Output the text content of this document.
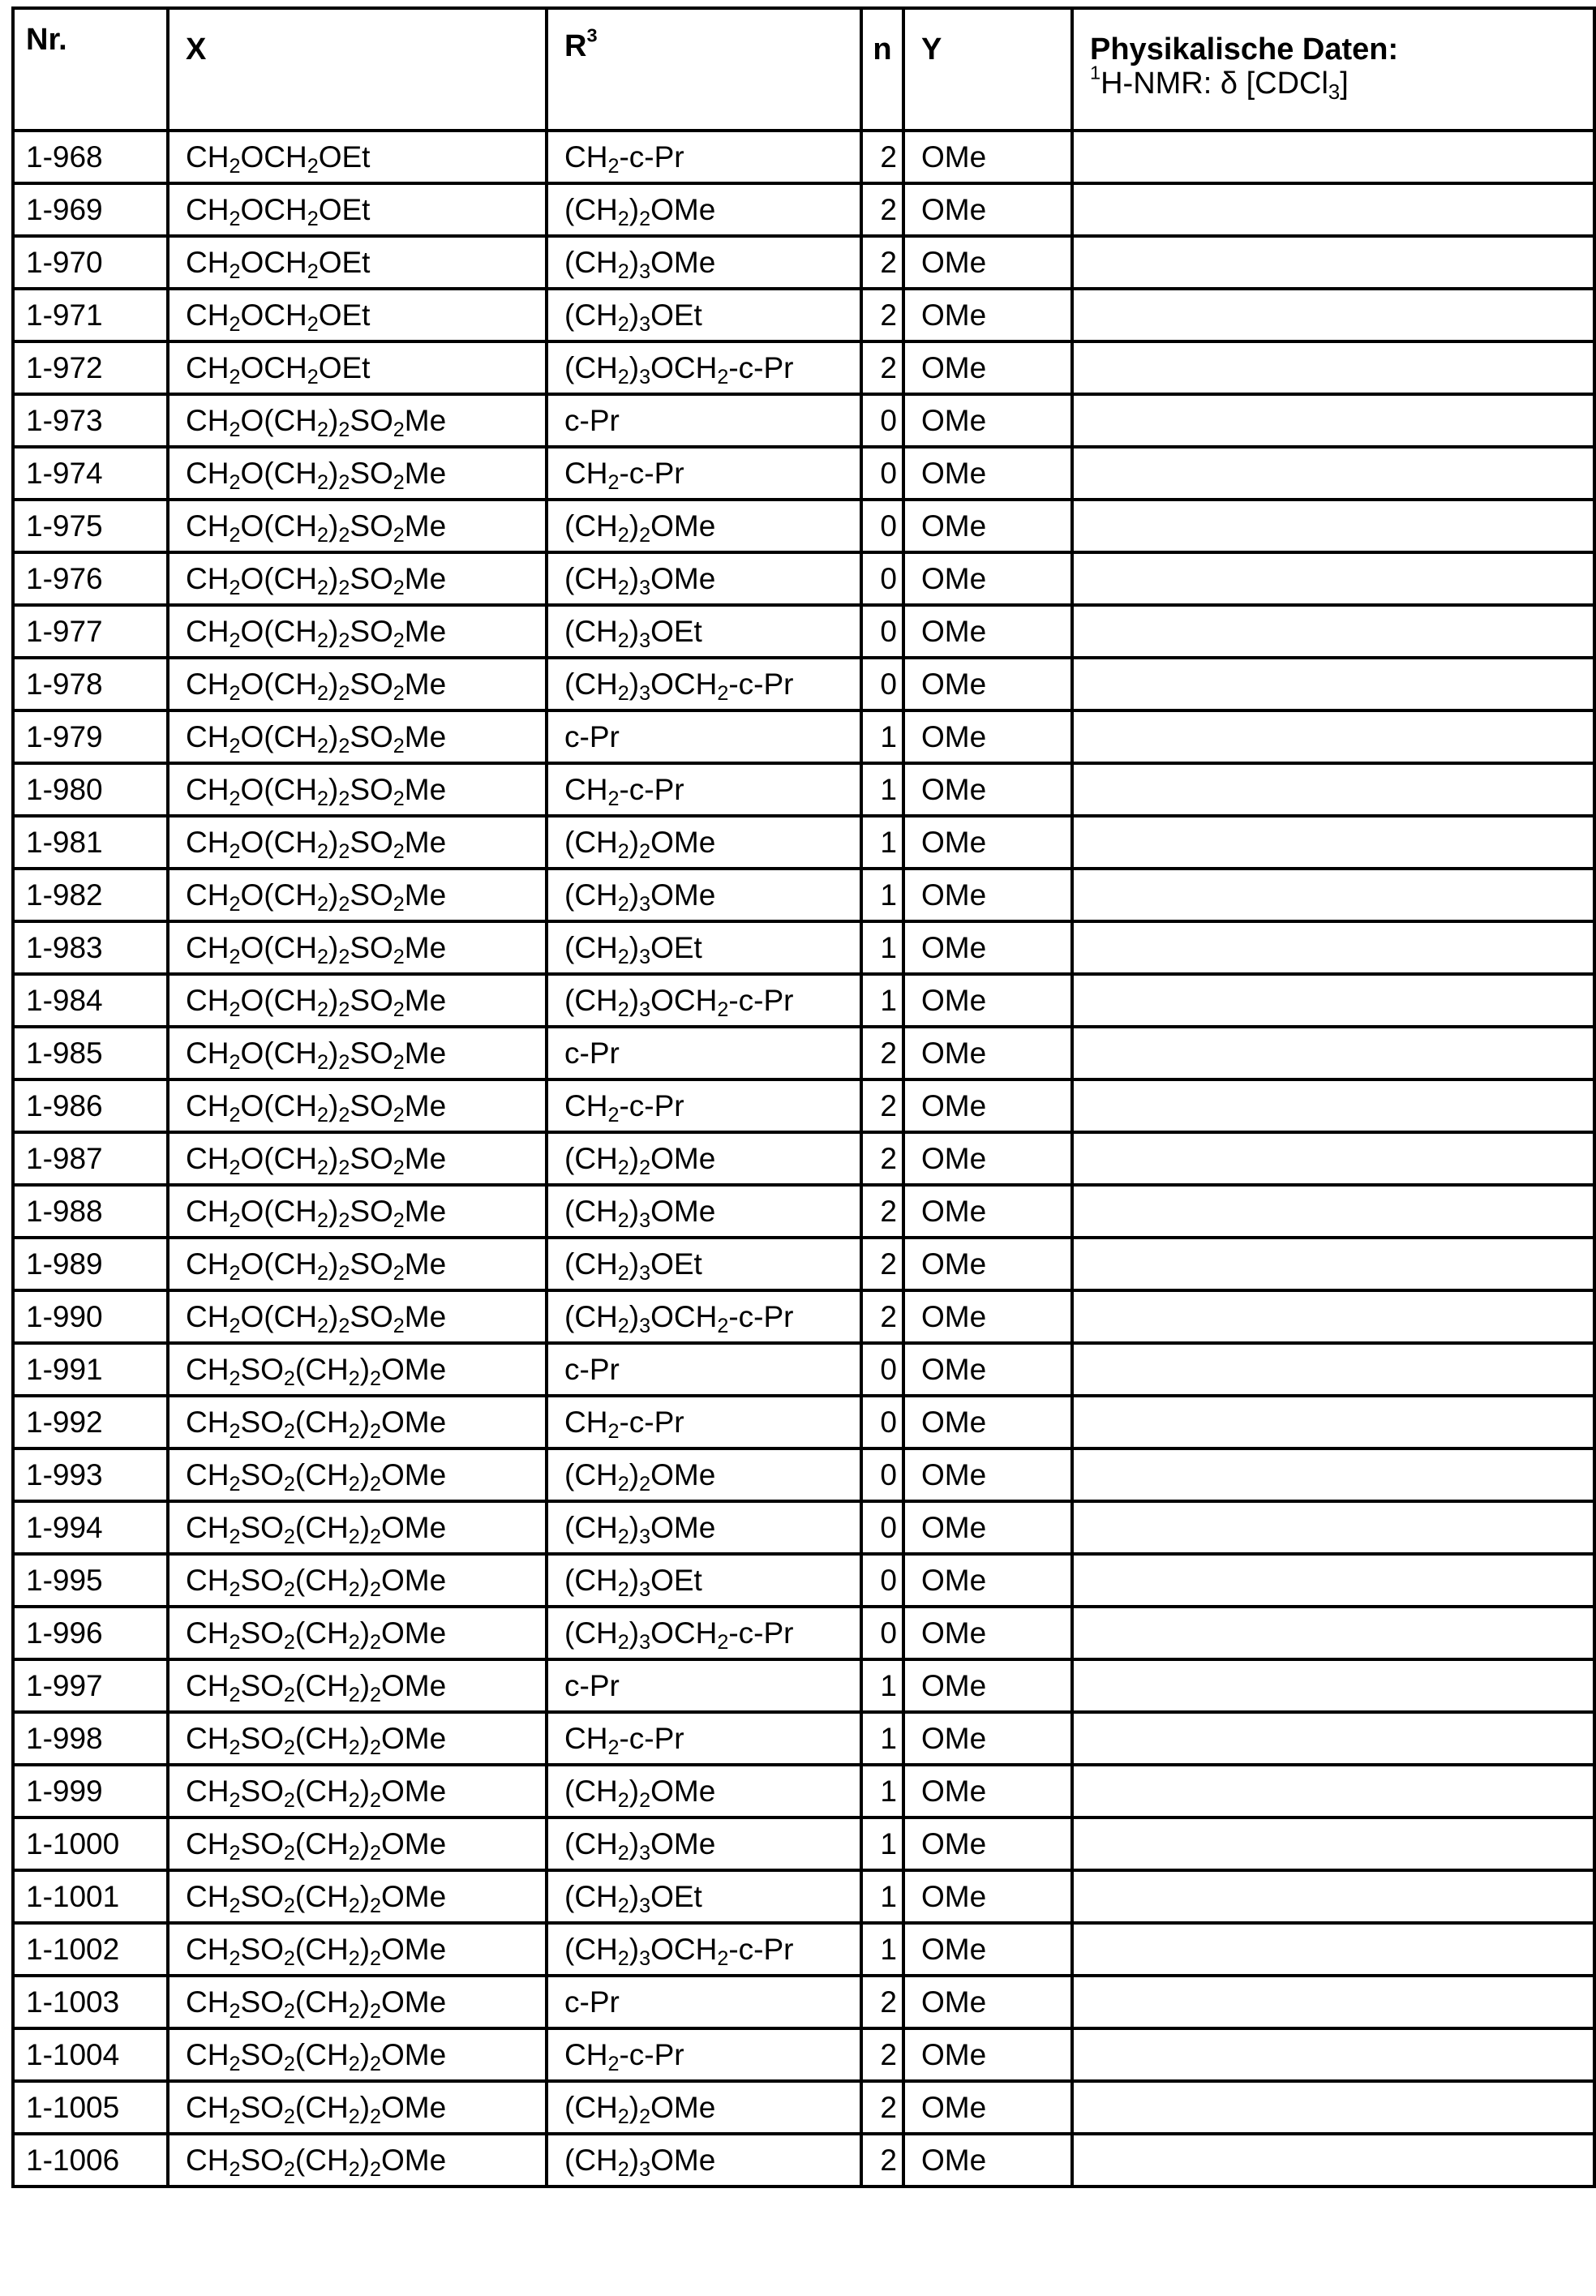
Nr.	X	$R^3$	n	Y	Physikalische Daten:
$^1$H-NMR: δ [CDCl$_3$]

1-968	$CH_2OCH_2OEt$	$CH_2-c-Pr$	2	OMe	
1-969	$CH_2OCH_2OEt$	$(CH_2)_2OMe$	2	OMe	
1-970	$CH_2OCH_2OEt$	$(CH_2)_3OMe$	2	OMe	
1-971	$CH_2OCH_2OEt$	$(CH_2)_3OEt$	2	OMe	
1-972	$CH_2OCH_2OEt$	$(CH_2)_3OCH_2-c-Pr$	2	OMe	
1-973	$CH_2O(CH_2)_2SO_2Me$	c-Pr	0	OMe	
1-974	$CH_2O(CH_2)_2SO_2Me$	$CH_2-c-Pr$	0	OMe	
1-975	$CH_2O(CH_2)_2SO_2Me$	$(CH_2)_2OMe$	0	OMe	
1-976	$CH_2O(CH_2)_2SO_2Me$	$(CH_2)_3OMe$	0	OMe	
1-977	$CH_2O(CH_2)_2SO_2Me$	$(CH_2)_3OEt$	0	OMe	
1-978	$CH_2O(CH_2)_2SO_2Me$	$(CH_2)_3OCH_2-c-Pr$	0	OMe	
1-979	$CH_2O(CH_2)_2SO_2Me$	c-Pr	1	OMe	
1-980	$CH_2O(CH_2)_2SO_2Me$	$CH_2-c-Pr$	1	OMe	
1-981	$CH_2O(CH_2)_2SO_2Me$	$(CH_2)_2OMe$	1	OMe	
1-982	$CH_2O(CH_2)_2SO_2Me$	$(CH_2)_3OMe$	1	OMe	
1-983	$CH_2O(CH_2)_2SO_2Me$	$(CH_2)_3OEt$	1	OMe	
1-984	$CH_2O(CH_2)_2SO_2Me$	$(CH_2)_3OCH_2-c-Pr$	1	OMe	
1-985	$CH_2O(CH_2)_2SO_2Me$	c-Pr	2	OMe	
1-986	$CH_2O(CH_2)_2SO_2Me$	$CH_2-c-Pr$	2	OMe	
1-987	$CH_2O(CH_2)_2SO_2Me$	$(CH_2)_2OMe$	2	OMe	
1-988	$CH_2O(CH_2)_2SO_2Me$	$(CH_2)_3OMe$	2	OMe	
1-989	$CH_2O(CH_2)_2SO_2Me$	$(CH_2)_3OEt$	2	OMe	
1-990	$CH_2O(CH_2)_2SO_2Me$	$(CH_2)_3OCH_2-c-Pr$	2	OMe	
1-991	$CH_2SO_2(CH_2)_2OMe$	c-Pr	0	OMe	
1-992	$CH_2SO_2(CH_2)_2OMe$	$CH_2-c-Pr$	0	OMe	
1-993	$CH_2SO_2(CH_2)_2OMe$	$(CH_2)_2OMe$	0	OMe	
1-994	$CH_2SO_2(CH_2)_2OMe$	$(CH_2)_3OMe$	0	OMe	
1-995	$CH_2SO_2(CH_2)_2OMe$	$(CH_2)_3OEt$	0	OMe	
1-996	$CH_2SO_2(CH_2)_2OMe$	$(CH_2)_3OCH_2-c-Pr$	0	OMe	
1-997	$CH_2SO_2(CH_2)_2OMe$	c-Pr	1	OMe	
1-998	$CH_2SO_2(CH_2)_2OMe$	$CH_2-c-Pr$	1	OMe	
1-999	$CH_2SO_2(CH_2)_2OMe$	$(CH_2)_2OMe$	1	OMe	
1-1000	$CH_2SO_2(CH_2)_2OMe$	$(CH_2)_3OMe$	1	OMe	
1-1001	$CH_2SO_2(CH_2)_2OMe$	$(CH_2)_3OEt$	1	OMe	
1-1002	$CH_2SO_2(CH_2)_2OMe$	$(CH_2)_3OCH_2-c-Pr$	1	OMe	
1-1003	$CH_2SO_2(CH_2)_2OMe$	c-Pr	2	OMe	
1-1004	$CH_2SO_2(CH_2)_2OMe$	$CH_2-c-Pr$	2	OMe	
1-1005	$CH_2SO_2(CH_2)_2OMe$	$(CH_2)_2OMe$	2	OMe	
1-1006	$CH_2SO_2(CH_2)_2OMe$	$(CH_2)_3OMe$	2	OMe	
